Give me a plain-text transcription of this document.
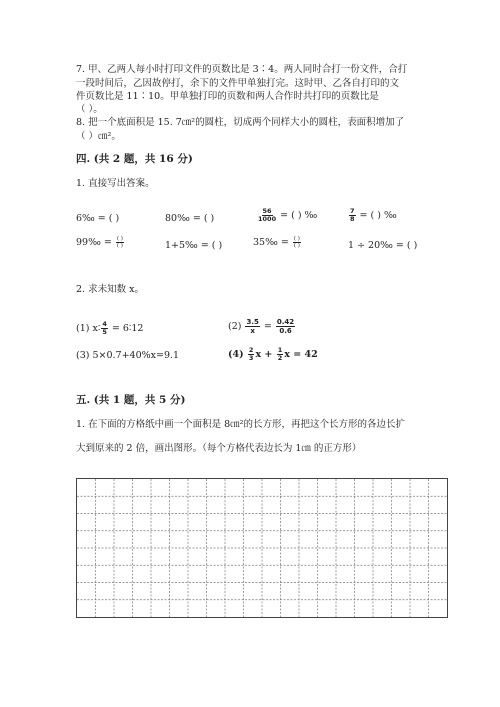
7. 甲、乙两人每小时打印文件的页数比是 3∶4。两人同时合打一份文件，合打
一段时间后，乙因故停打，余下的文件甲单独打完。这时甲、乙各自打印的文
件页数比是 11∶10。甲单独打印的页数和两人合作时共打印的页数比是
（ ）。
8. 把一个底面积是 15. 7㎝²的圆柱，切成两个同样大小的圆柱，表面积增加了
（ ）㎝²。
四. (共 2 题，共 16 分)
1. 直接写出答案。
6‰ = ( )	80‰ = ( )	$\frac{56}{1000}$ = ( ) ‰	$\frac{7}{8}$ = ( ) ‰
99‰ = $\frac{( )}{( )}$	1+5‰ = ( )	35‰ = $\frac{( )}{( )}$	1 ÷ 20‰ = ( )
2. 求未知数 x。
(1) x∶ $\frac{4}{5}$ = 6∶12	$(2) \frac{3.5}{x} = \frac{0.42}{0.6}$
(3) 5×0.7+40%x=9.1	$(4) \frac{2}{3}$ $x + \frac{1}{2}$ x = 42
五. (共 1 题，共 5 分)
1. 在下面的方格纸中画一个面积是 8㎝²的长方形，再把这个长方形的各边长扩
大到原来的 2 倍，画出图形。（每个方格代表边长为 1㎝ 的正方形）
